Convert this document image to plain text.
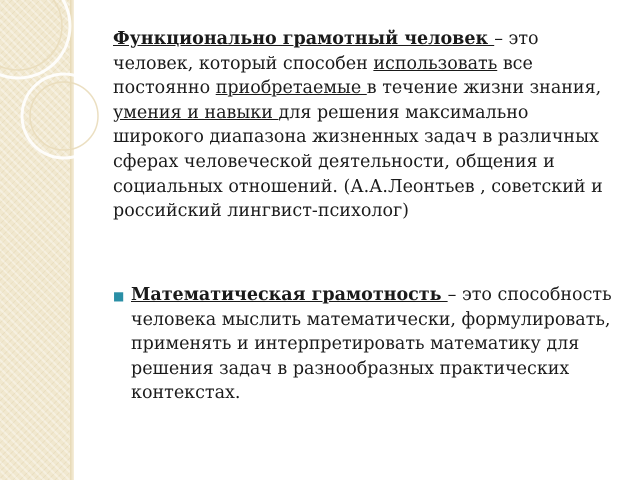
Функционально грамотный человек – это человек, который способен использовать все постоянно приобретаемые в течение жизни знания, умения и навыки для решения максимально широкого диапазона жизненных задач в различных сферах человеческой деятельности, общения и социальных отношений. (А.А.Леонтьев , советский и российский лингвист-психолог)

■ Математическая грамотность – это способность человека мыслить математически, формулировать, применять и интерпретировать математику для решения задач в разнообразных практических контекстах.
